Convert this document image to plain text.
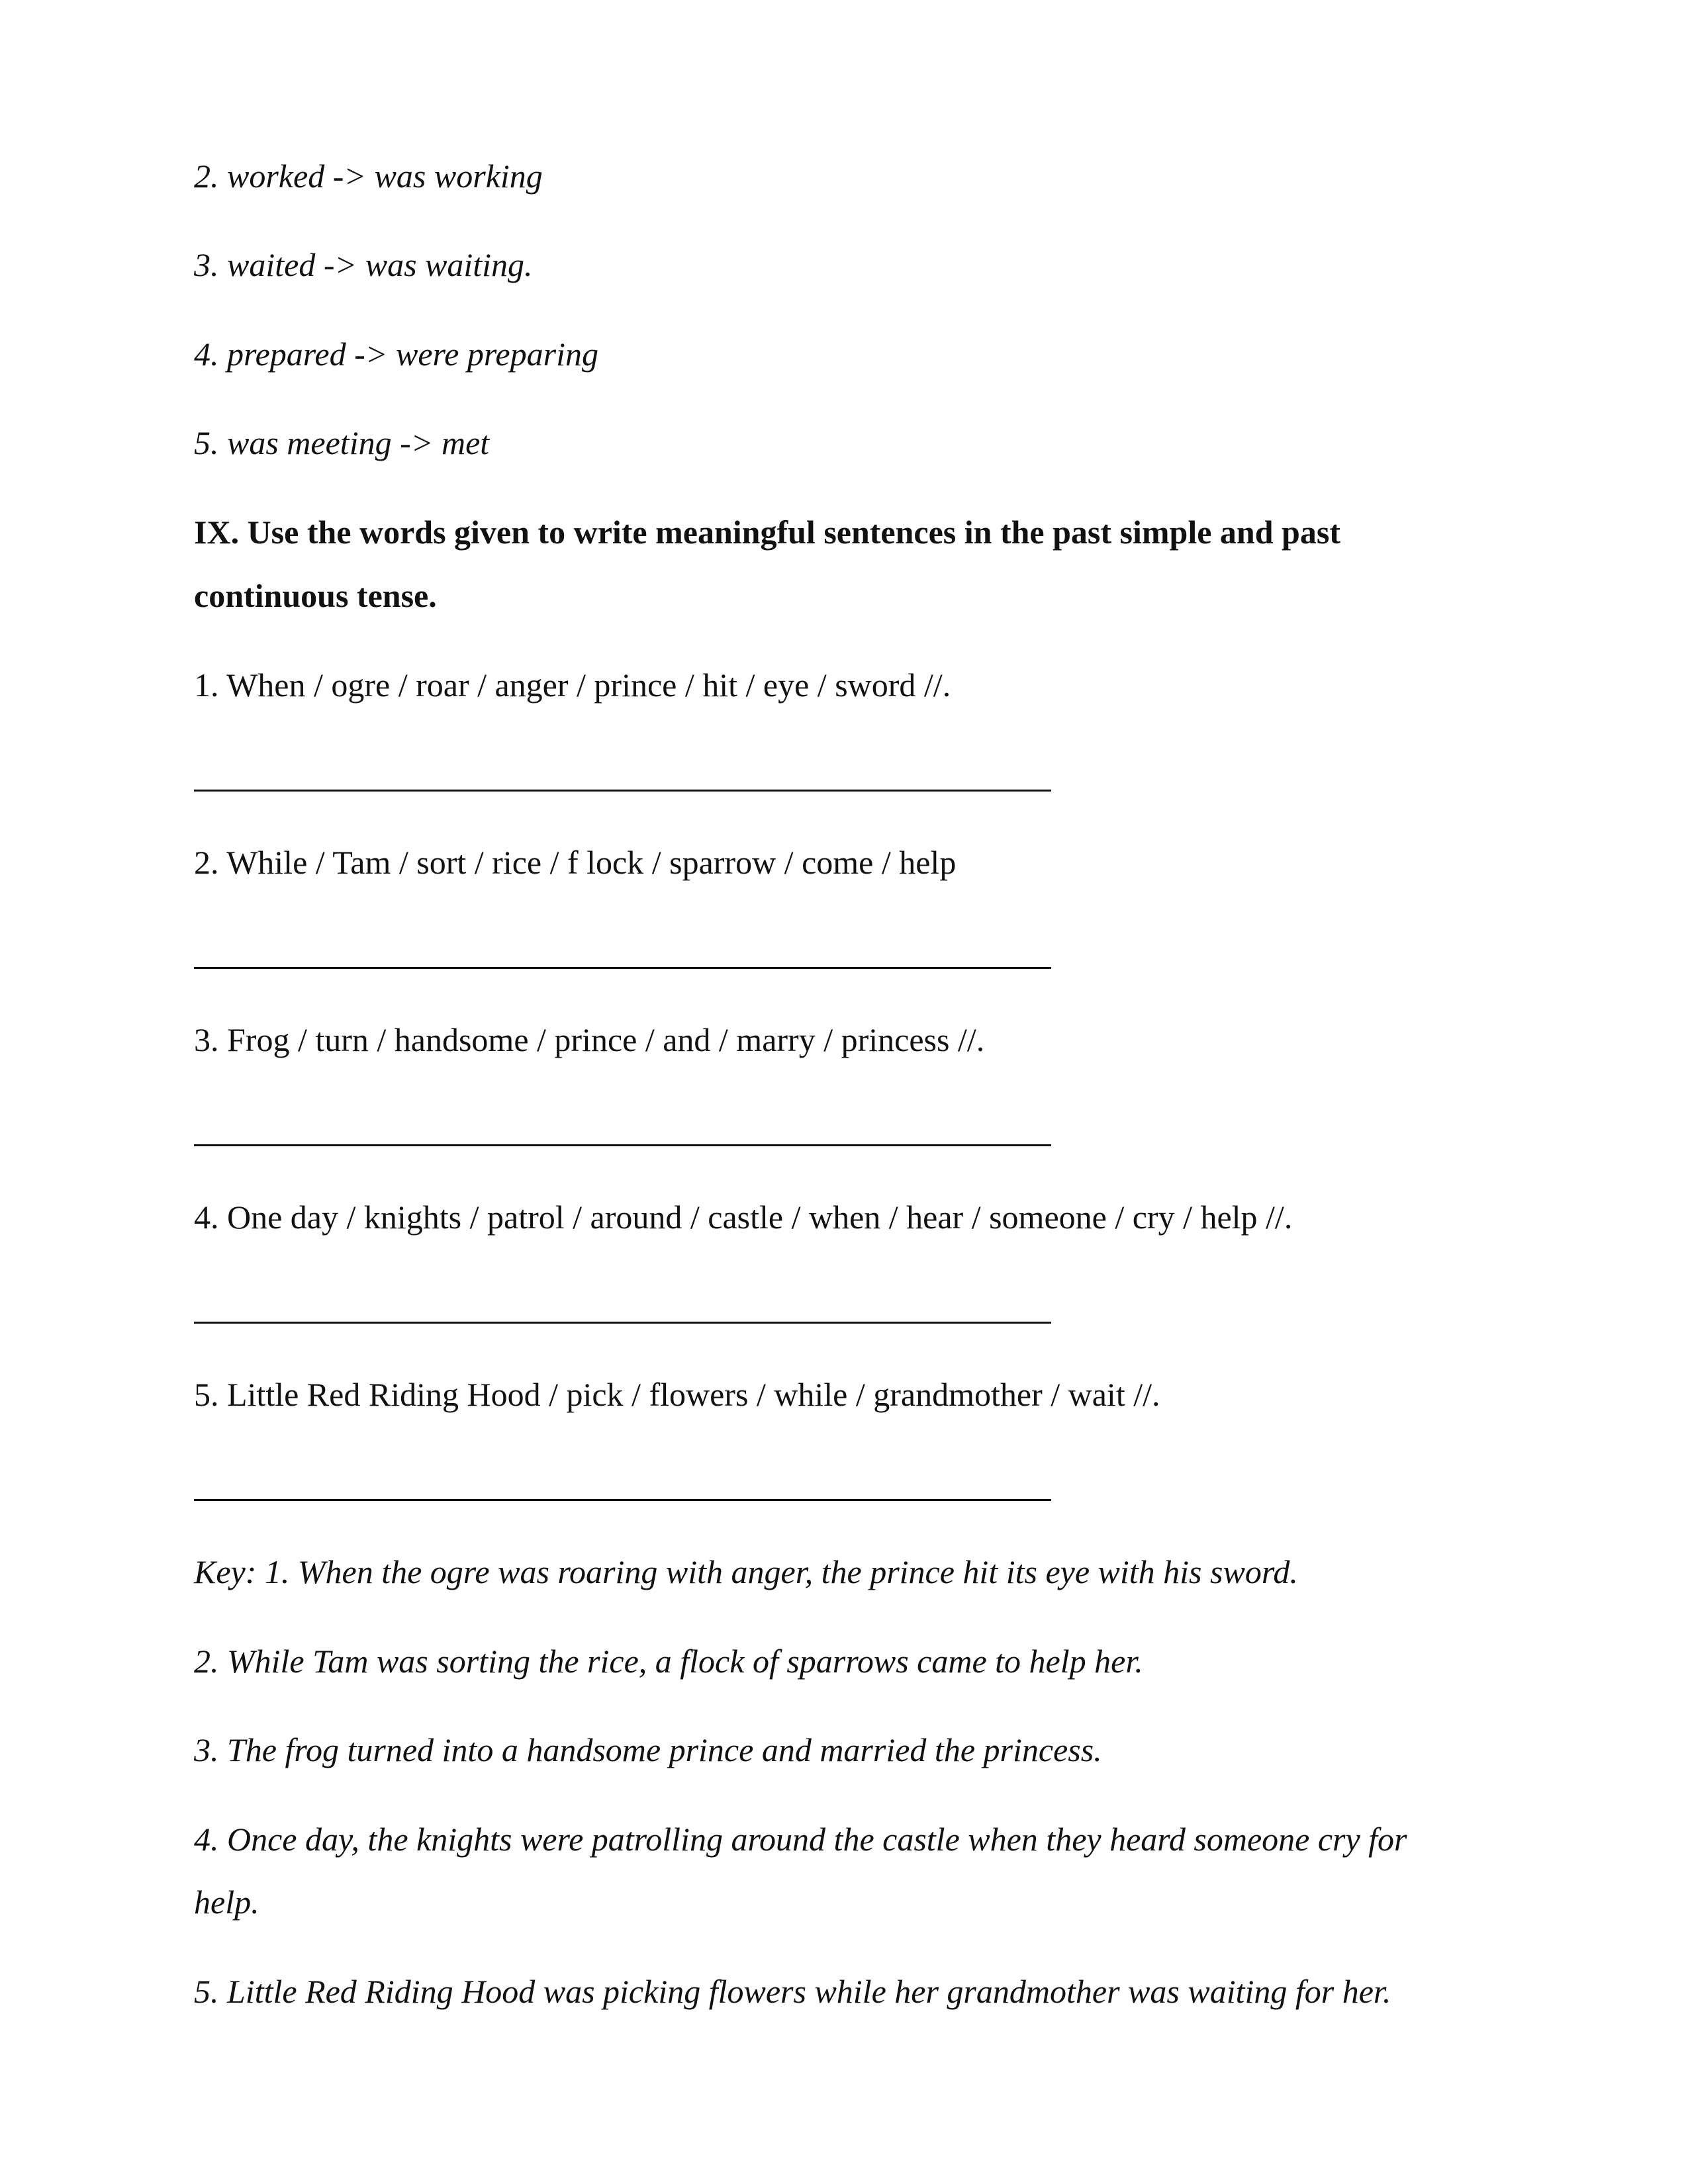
2. worked -> was working

3. waited -> was waiting.

4. prepared -> were preparing

5. was meeting -> met

IX. Use the words given to write meaningful sentences in the past simple and past

continuous tense.

1. When / ogre / roar / anger / prince / hit / eye / sword //.

2. While / Tam / sort / rice / f lock / sparrow / come / help

3. Frog / turn / handsome / prince / and / marry / princess //.

4. One day / knights / patrol / around / castle / when / hear / someone / cry / help //.

5. Little Red Riding Hood / pick / flowers / while / grandmother / wait //.

Key: 1. When the ogre was roaring with anger, the prince hit its eye with his sword.

2. While Tam was sorting the rice, a flock of sparrows came to help her.

3. The frog turned into a handsome prince and married the princess.

4. Once day, the knights were patrolling around the castle when they heard someone cry for

help.

5. Little Red Riding Hood was picking flowers while her grandmother was waiting for her.
